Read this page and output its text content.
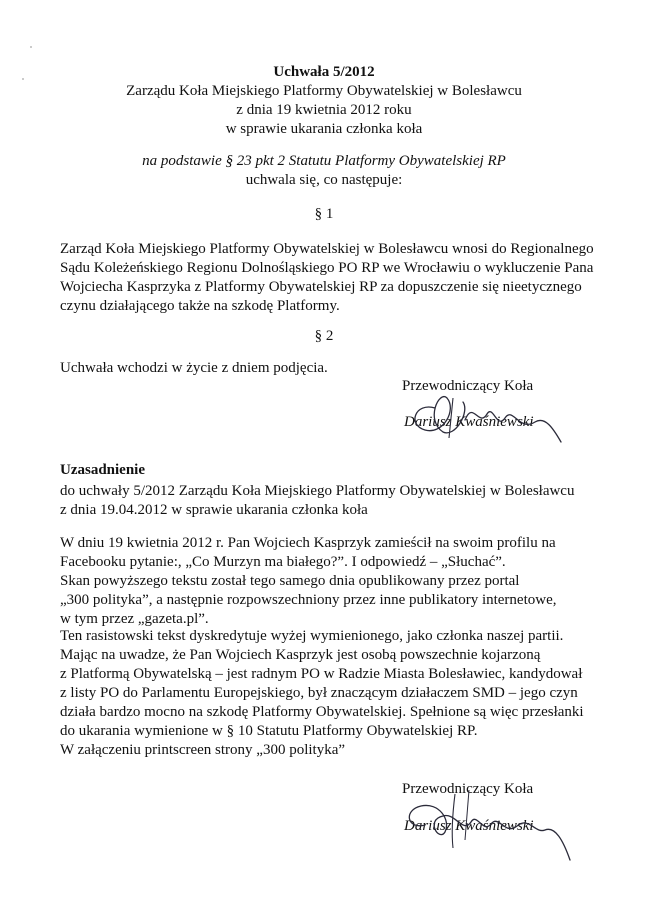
Uchwała 5/2012
Zarządu Koła Miejskiego Platformy Obywatelskiej w Bolesławcu
z dnia 19 kwietnia 2012 roku
w sprawie ukarania członka koła
na podstawie § 23 pkt 2 Statutu Platformy Obywatelskiej RP
uchwala się, co następuje:
§ 1
Zarząd Koła Miejskiego Platformy Obywatelskiej w Bolesławcu wnosi do Regionalnego
Sądu Koleżeńskiego Regionu Dolnośląskiego PO RP we Wrocławiu o wykluczenie Pana
Wojciecha Kasprzyka z Platformy Obywatelskiej RP za dopuszczenie się nieetycznego
czynu działającego także na szkodę Platformy.
§ 2
Uchwała wchodzi w życie z dniem podjęcia.
Przewodniczący Koła
Dariusz Kwaśniewski
Uzasadnienie
do uchwały 5/2012 Zarządu Koła Miejskiego Platformy Obywatelskiej w Bolesławcu
z dnia 19.04.2012 w sprawie ukarania członka koła
W dniu 19 kwietnia 2012 r. Pan Wojciech Kasprzyk zamieścił na swoim profilu na
Facebooku pytanie:, „Co Murzyn ma białego?”. I odpowiedź – „Słuchać”.
Skan powyższego tekstu został tego samego dnia opublikowany przez portal
„300 polityka”, a następnie rozpowszechniony przez inne publikatory internetowe,
w tym przez „gazeta.pl”.
Ten rasistowski tekst dyskredytuje wyżej wymienionego, jako członka naszej partii.
Mając na uwadze, że Pan Wojciech Kasprzyk jest osobą powszechnie kojarzoną
z Platformą Obywatelską – jest radnym PO w Radzie Miasta Bolesławiec, kandydował
z listy PO do Parlamentu Europejskiego, był znaczącym działaczem SMD – jego czyn
działa bardzo mocno na szkodę Platformy Obywatelskiej. Spełnione są więc przesłanki
do ukarania wymienione w § 10 Statutu Platformy Obywatelskiej RP.
W załączeniu printscreen strony „300 polityka”
Przewodniczący Koła
Dariusz Kwaśniewski
